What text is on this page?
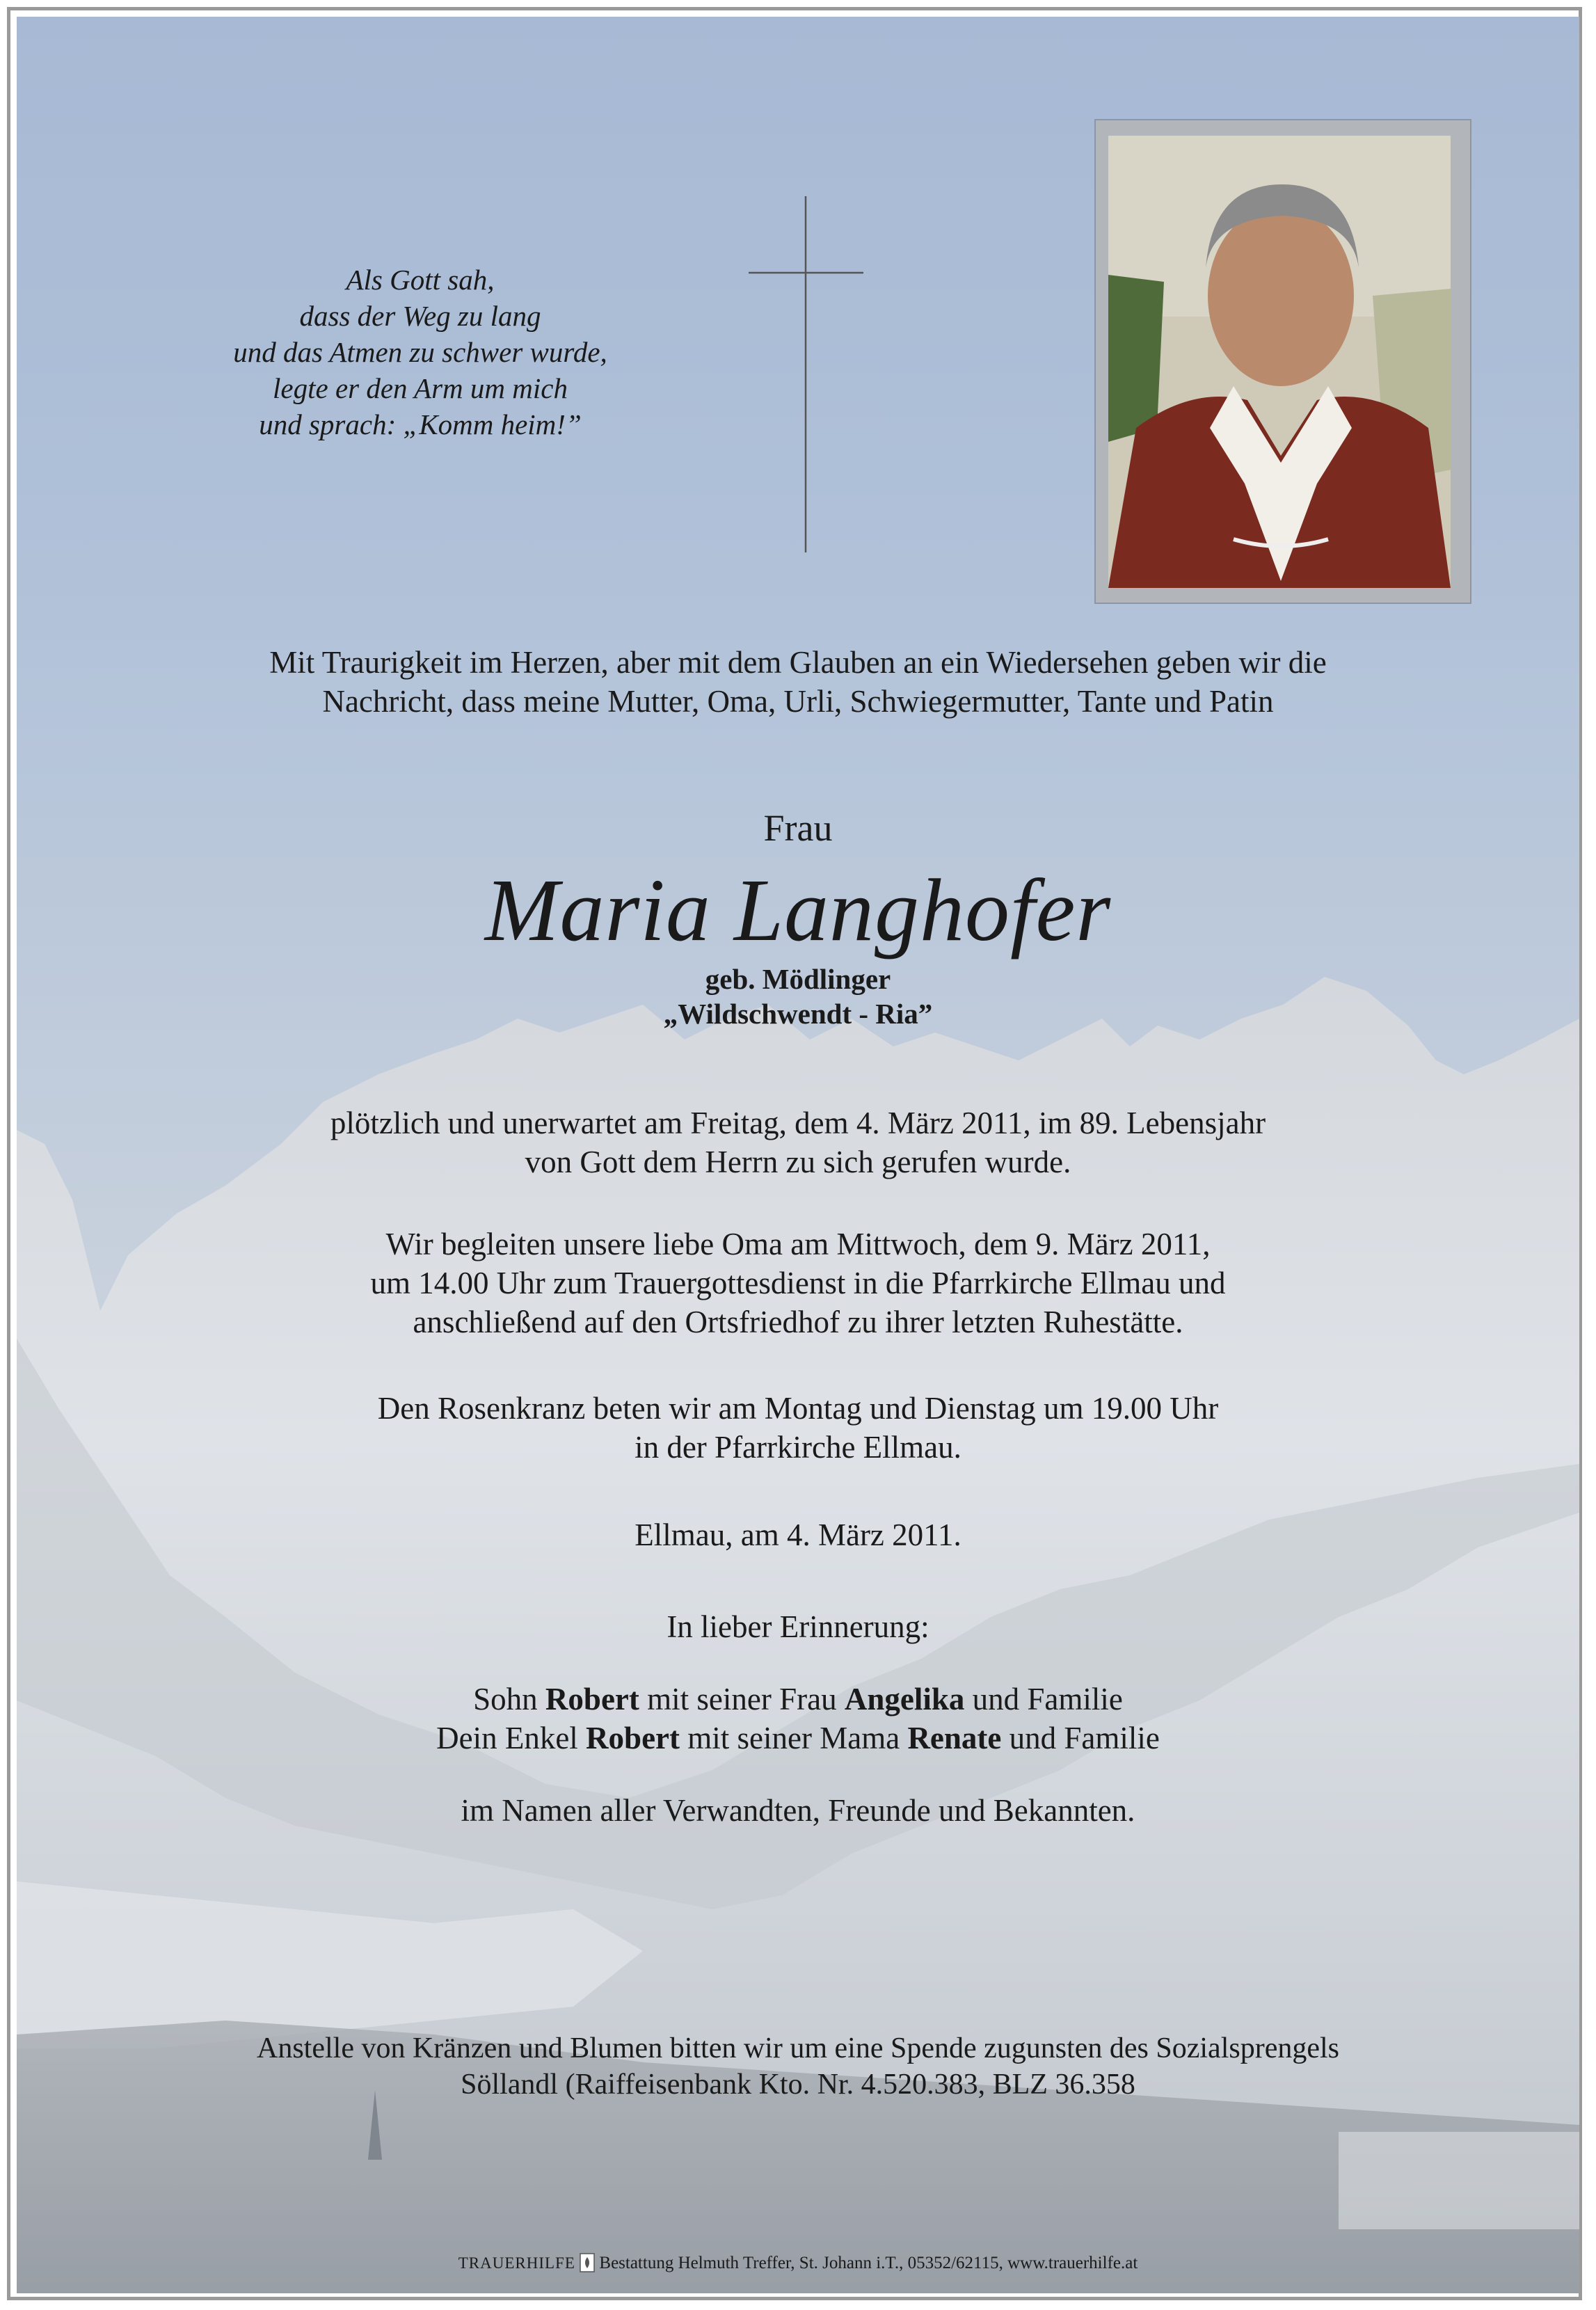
Als Gott sah,
dass der Weg zu lang
und das Atmen zu schwer wurde,
legte er den Arm um mich
und sprach: „Komm heim!”
Mit Traurigkeit im Herzen, aber mit dem Glauben an ein Wiedersehen geben wir die
Nachricht, dass meine Mutter, Oma, Urli, Schwiegermutter, Tante und Patin
Frau
Maria Langhofer
geb. Mödlinger
„Wildschwendt - Ria”
plötzlich und unerwartet am Freitag, dem 4. März 2011, im 89. Lebensjahr
von Gott dem Herrn zu sich gerufen wurde.
Wir begleiten unsere liebe Oma am Mittwoch, dem 9. März 2011,
um 14.00 Uhr zum Trauergottesdienst in die Pfarrkirche Ellmau und
anschließend auf den Ortsfriedhof zu ihrer letzten Ruhestätte.
Den Rosenkranz beten wir am Montag und Dienstag um 19.00 Uhr
in der Pfarrkirche Ellmau.
Ellmau, am 4. März 2011.
In lieber Erinnerung:
Sohn Robert mit seiner Frau Angelika und Familie
Dein Enkel Robert mit seiner Mama Renate und Familie
im Namen aller Verwandten, Freunde und Bekannten.
Anstelle von Kränzen und Blumen bitten wir um eine Spende zugunsten des Sozialsprengels
Söllandl (Raiffeisenbank Kto. Nr. 4.520.383, BLZ 36.358
TRAUERHILFE  Bestattung Helmuth Treffer, St. Johann i.T., 05352/62115, www.trauerhilfe.at
